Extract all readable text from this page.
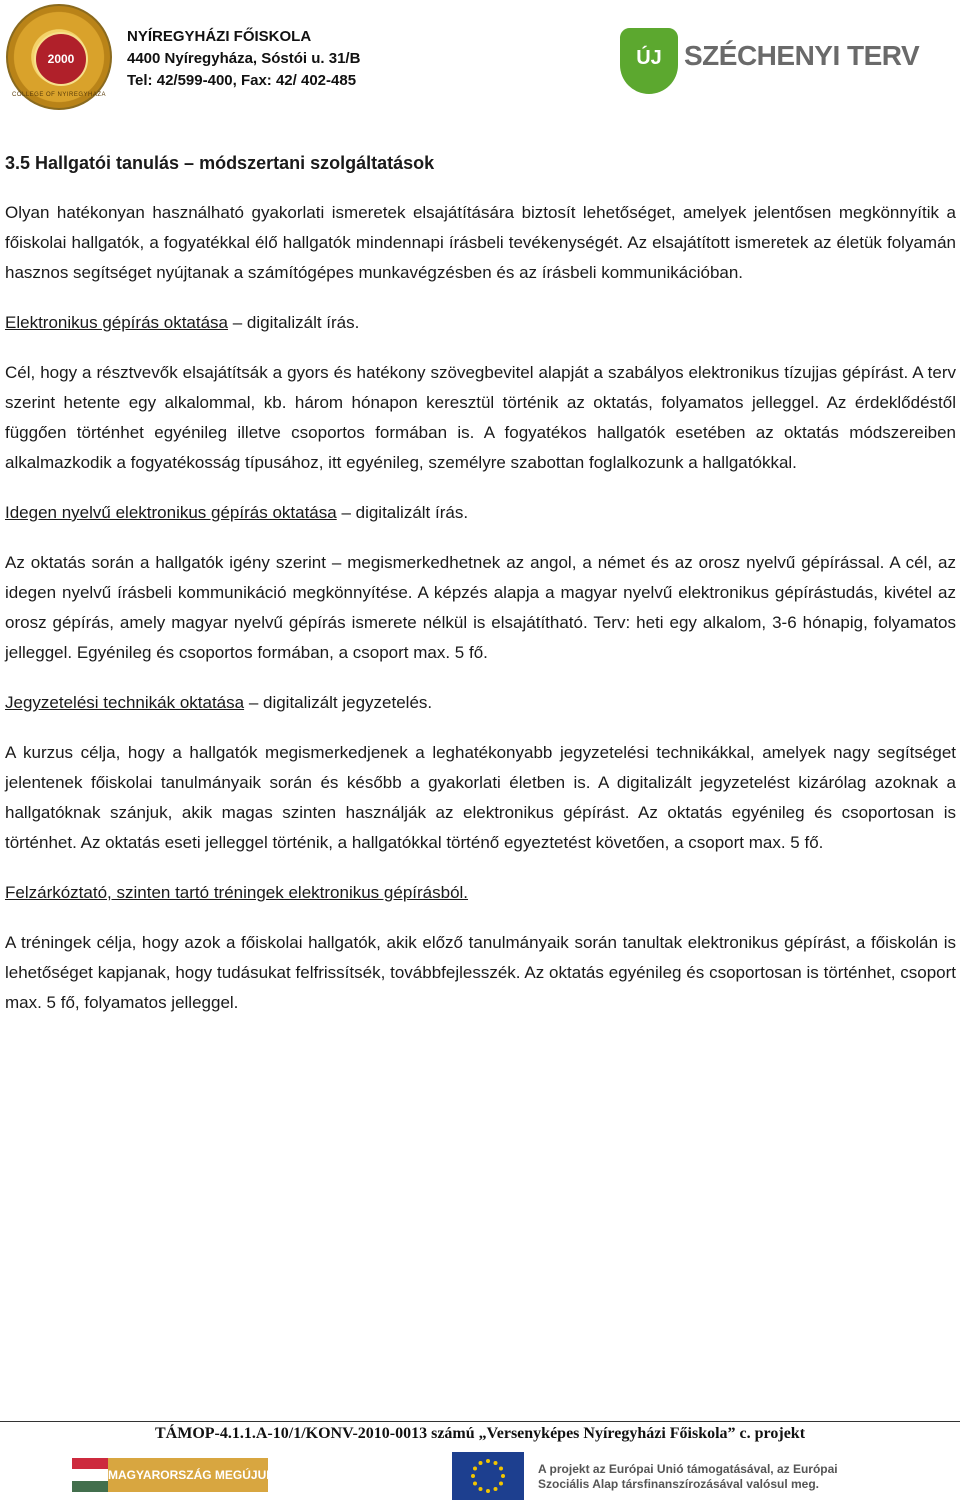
2000
COLLEGE OF NYIREGYHAZA
NYÍREGYHÁZI FŐISKOLA
4400 Nyíregyháza, Sóstói u. 31/B
Tel: 42/599-400, Fax: 42/ 402-485
ÚJ SZÉCHENYI TERV

3.5 Hallgatói tanulás – módszertani szolgáltatások

Olyan hatékonyan használható gyakorlati ismeretek elsajátítására biztosít lehetőséget, amelyek jelentősen megkönnyítik a főiskolai hallgatók, a fogyatékkal élő hallgatók mindennapi írásbeli tevékenységét. Az elsajátított ismeretek az életük folyamán hasznos segítséget nyújtanak a számítógépes munkavégzésben és az írásbeli kommunikációban.

Elektronikus gépírás oktatása – digitalizált írás.

Cél, hogy a résztvevők elsajátítsák a gyors és hatékony szövegbevitel alapját a szabályos elektronikus tízujjas gépírást. A terv szerint hetente egy alkalommal, kb. három hónapon keresztül történik az oktatás, folyamatos jelleggel. Az érdeklődéstől függően történhet egyénileg illetve csoportos formában is. A fogyatékos hallgatók esetében az oktatás módszereiben alkalmazkodik a fogyatékosság típusához, itt egyénileg, személyre szabottan foglalkozunk a hallgatókkal.

Idegen nyelvű elektronikus gépírás oktatása – digitalizált írás.

Az oktatás során a hallgatók igény szerint – megismerkedhetnek az angol, a német és az orosz nyelvű gépírással. A cél, az idegen nyelvű írásbeli kommunikáció megkönnyítése. A képzés alapja a magyar nyelvű elektronikus gépírástudás, kivétel az orosz gépírás, amely magyar nyelvű gépírás ismerete nélkül is elsajátítható. Terv: heti egy alkalom, 3-6 hónapig, folyamatos jelleggel. Egyénileg és csoportos formában, a csoport max. 5 fő.

Jegyzetelési technikák oktatása – digitalizált jegyzetelés.

A kurzus célja, hogy a hallgatók megismerkedjenek a leghatékonyabb jegyzetelési technikákkal, amelyek nagy segítséget jelentenek főiskolai tanulmányaik során és később a gyakorlati életben is. A digitalizált jegyzetelést kizárólag azoknak a hallgatóknak szánjuk, akik magas szinten használják az elektronikus gépírást. Az oktatás egyénileg és csoportosan is történhet. Az oktatás eseti jelleggel történik, a hallgatókkal történő egyeztetést követően, a csoport max. 5 fő.

Felzárkóztató, szinten tartó tréningek elektronikus gépírásból.

A tréningek célja, hogy azok a főiskolai hallgatók, akik előző tanulmányaik során tanultak elektronikus gépírást, a főiskolán is lehetőséget kapjanak, hogy tudásukat felfrissítsék, továbbfejlesszék. Az oktatás egyénileg és csoportosan is történhet, csoport max. 5 fő, folyamatos jelleggel.

TÁMOP-4.1.1.A-10/1/KONV-2010-0013 számú „Versenyképes Nyíregyházi Főiskola” c. projekt
MAGYARORSZÁG MEGÚJUL	A projekt az Európai Unió támogatásával, az Európai
Szociális Alap társfinanszírozásával valósul meg.
